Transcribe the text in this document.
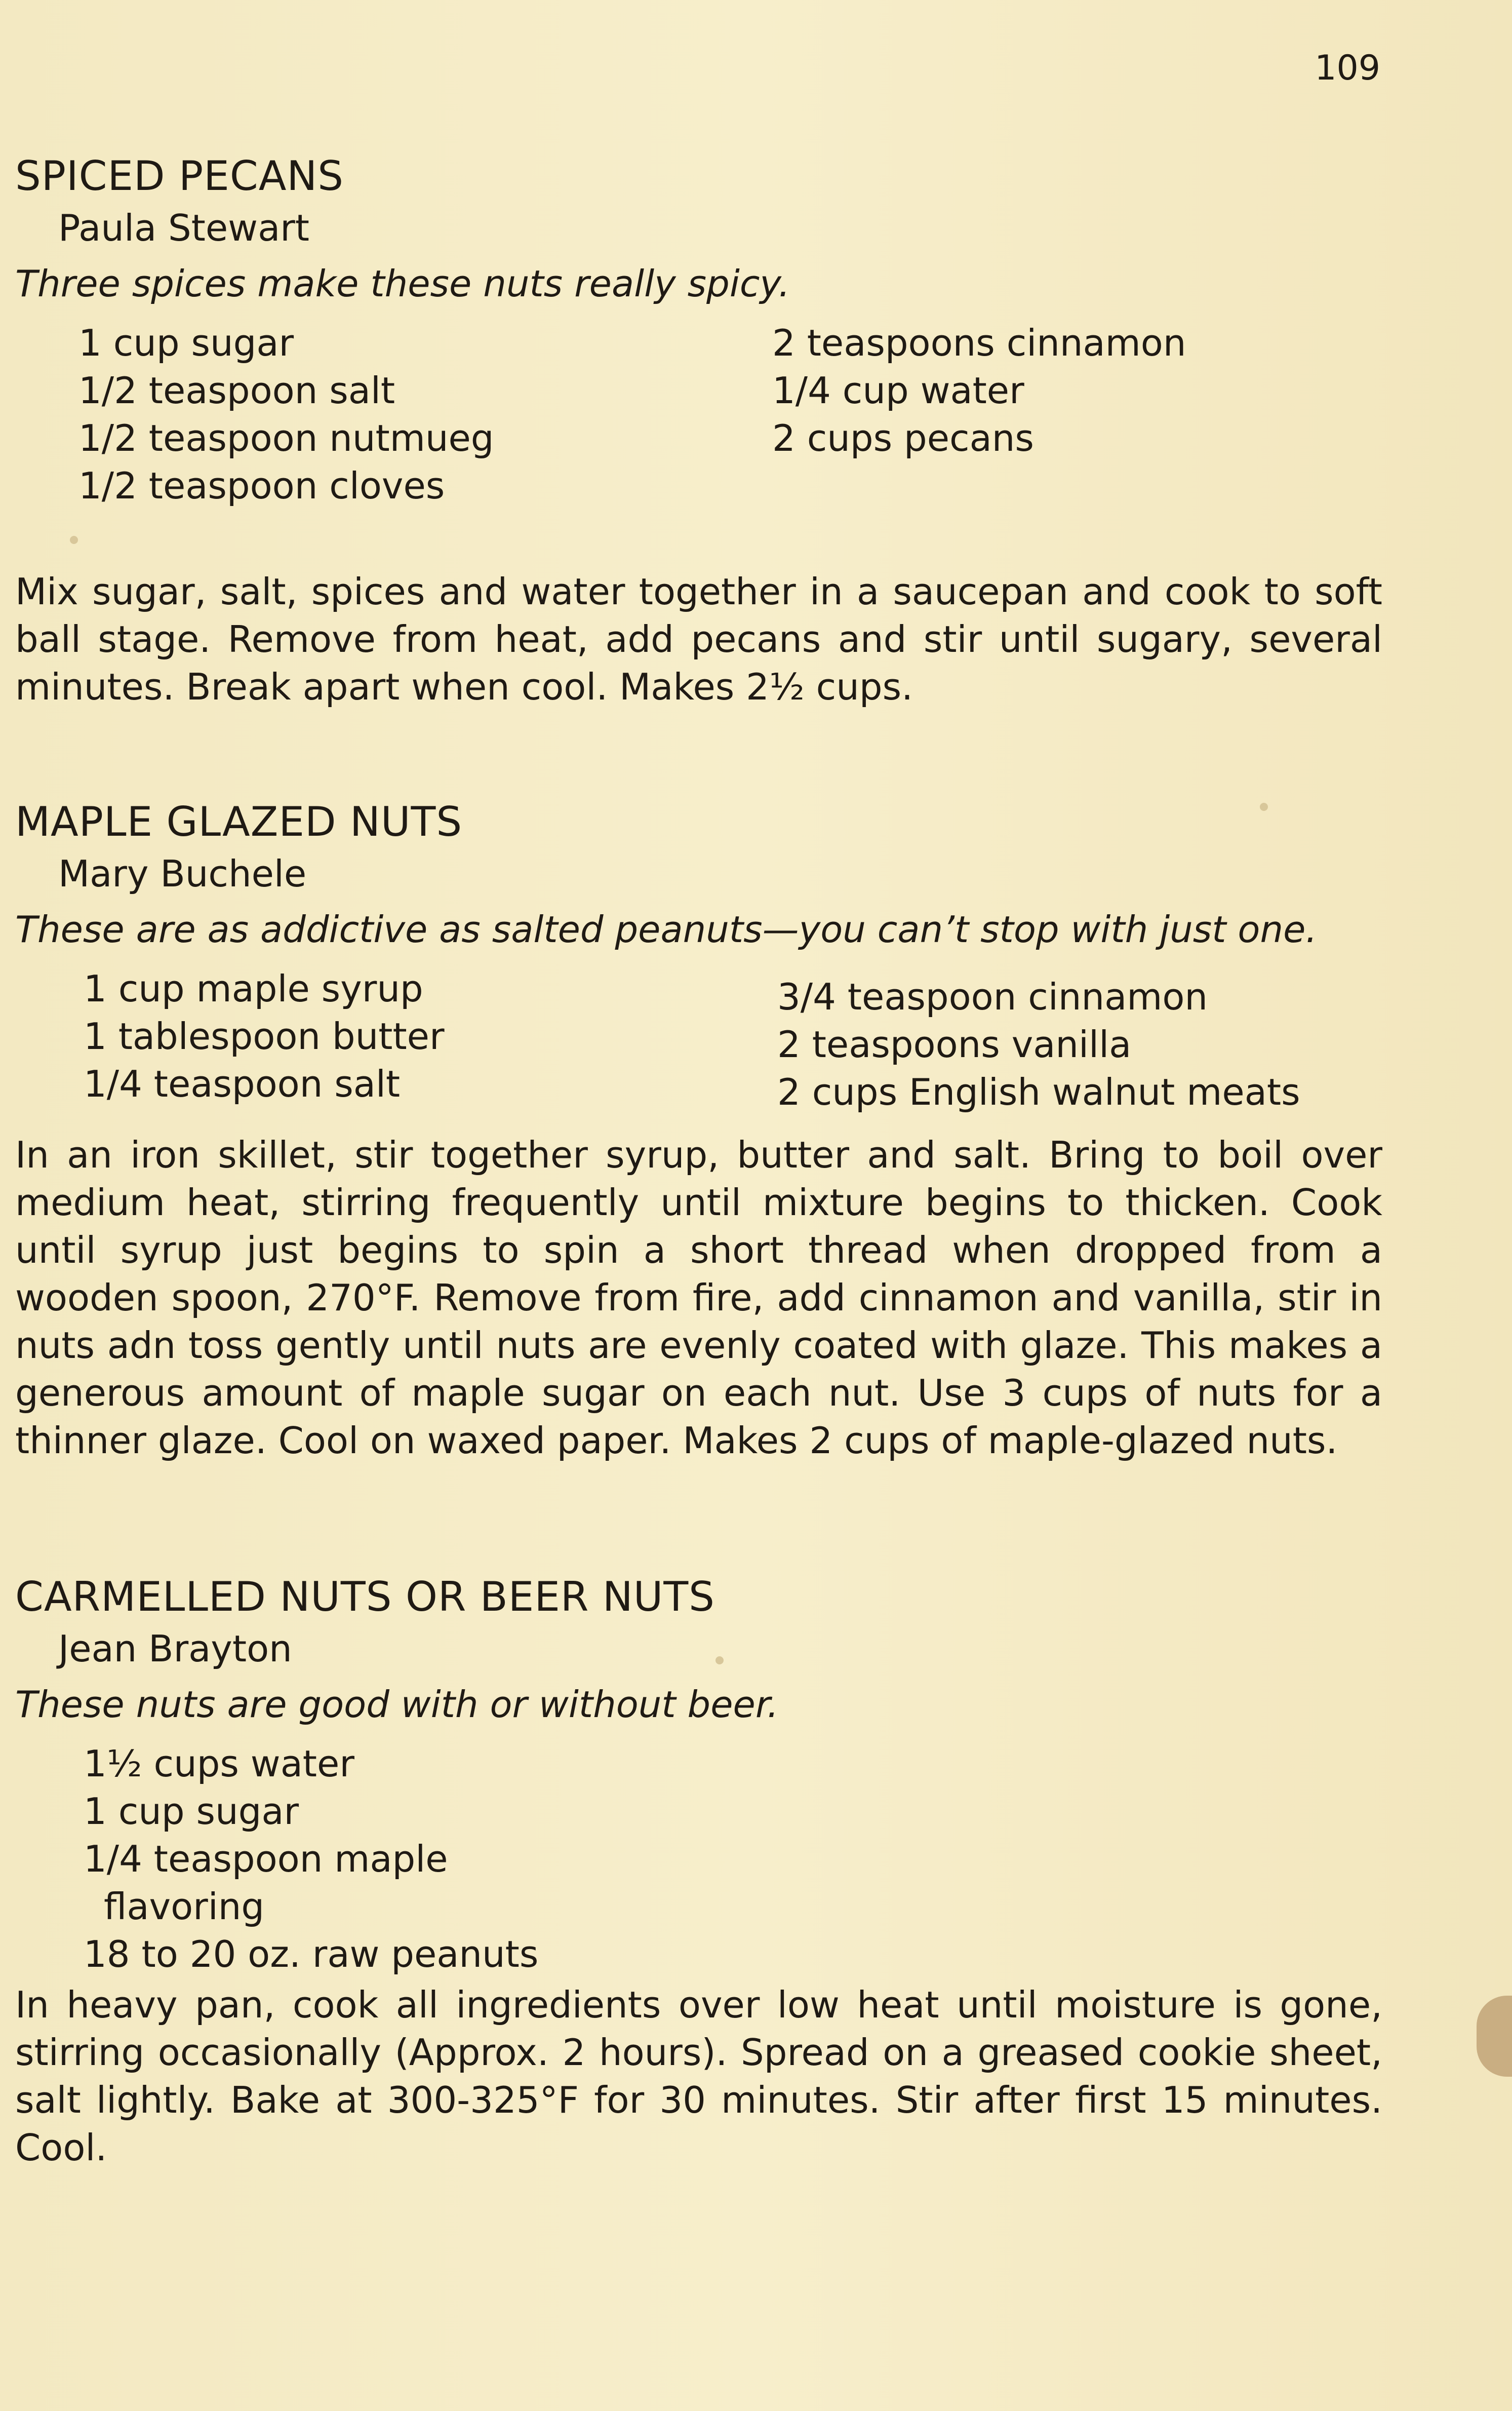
109
SPICED PECANS
Paula Stewart
Three spices make these nuts really spicy.
1 cup sugar
1/2 teaspoon salt
1/2 teaspoon nutmueg
1/2 teaspoon cloves
2 teaspoons cinnamon
1/4 cup water
2 cups pecans

Mix sugar, salt, spices and water together in a saucepan and cook to soft ball stage. Remove from heat, add pecans and stir until sugary, several minutes. Break apart when cool. Makes 2½ cups.

MAPLE GLAZED NUTS
Mary Buchele
These are as addictive as salted peanuts—you can’t stop with just one.
1 cup maple syrup
1 tablespoon butter
1/4 teaspoon salt
3/4 teaspoon cinnamon
2 teaspoons vanilla
2 cups English walnut meats

In an iron skillet, stir together syrup, butter and salt. Bring to boil over medium heat, stirring frequently until mixture begins to thicken. Cook until syrup just begins to spin a short thread when dropped from a wooden spoon, 270°F. Remove from fire, add cinnamon and vanilla, stir in nuts adn toss gently until nuts are evenly coated with glaze. This makes a generous amount of maple sugar on each nut. Use 3 cups of nuts for a thinner glaze. Cool on waxed paper. Makes 2 cups of maple-glazed nuts.

CARMELLED NUTS OR BEER NUTS
Jean Brayton
These nuts are good with or without beer.
1½ cups water
1 cup sugar
1/4 teaspoon maple
flavoring
18 to 20 oz. raw peanuts

In heavy pan, cook all ingredients over low heat until moisture is gone, stirring occasionally (Approx. 2 hours). Spread on a greased cookie sheet, salt lightly. Bake at 300-325°F for 30 minutes. Stir after first 15 minutes. Cool.
